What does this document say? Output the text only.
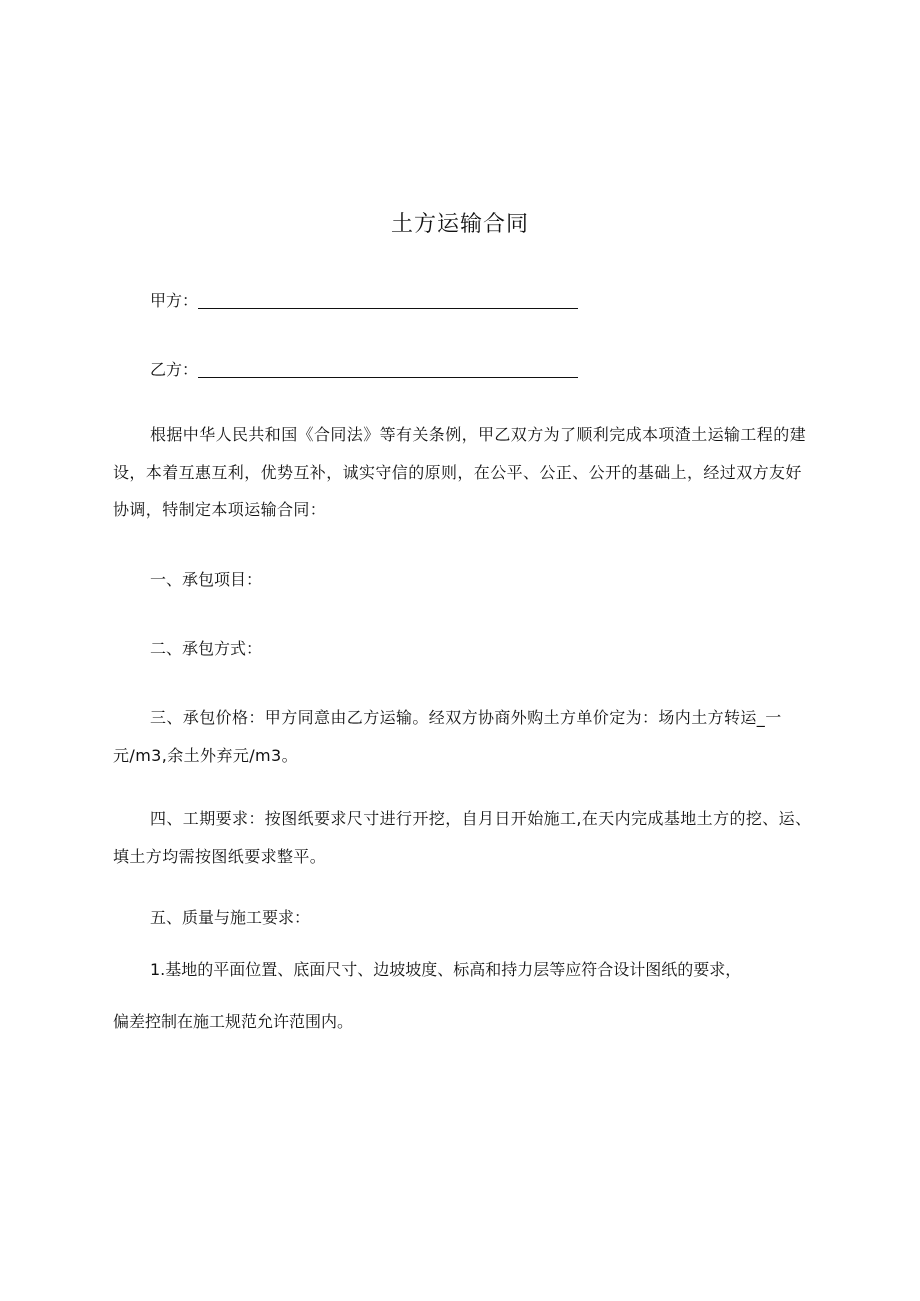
土方运输合同
甲方：
乙方：
根据中华人民共和国《合同法》等有关条例，甲乙双方为了顺利完成本项渣土运输工程的建设，本着互惠互利，优势互补，诚实守信的原则，在公平、公正、公开的基础上，经过双方友好协调，特制定本项运输合同：
一、承包项目：
二、承包方式：
三、承包价格：甲方同意由乙方运输。经双方协商外购土方单价定为：场内土方转运_一元/m3,余土外弃元/m3。
四、工期要求：按图纸要求尺寸进行开挖，自月日开始施工,在天内完成基地土方的挖、运、填土方均需按图纸要求整平。
五、质量与施工要求：
1.基地的平面位置、底面尺寸、边坡坡度、标高和持力层等应符合设计图纸的要求，
偏差控制在施工规范允许范围内。
